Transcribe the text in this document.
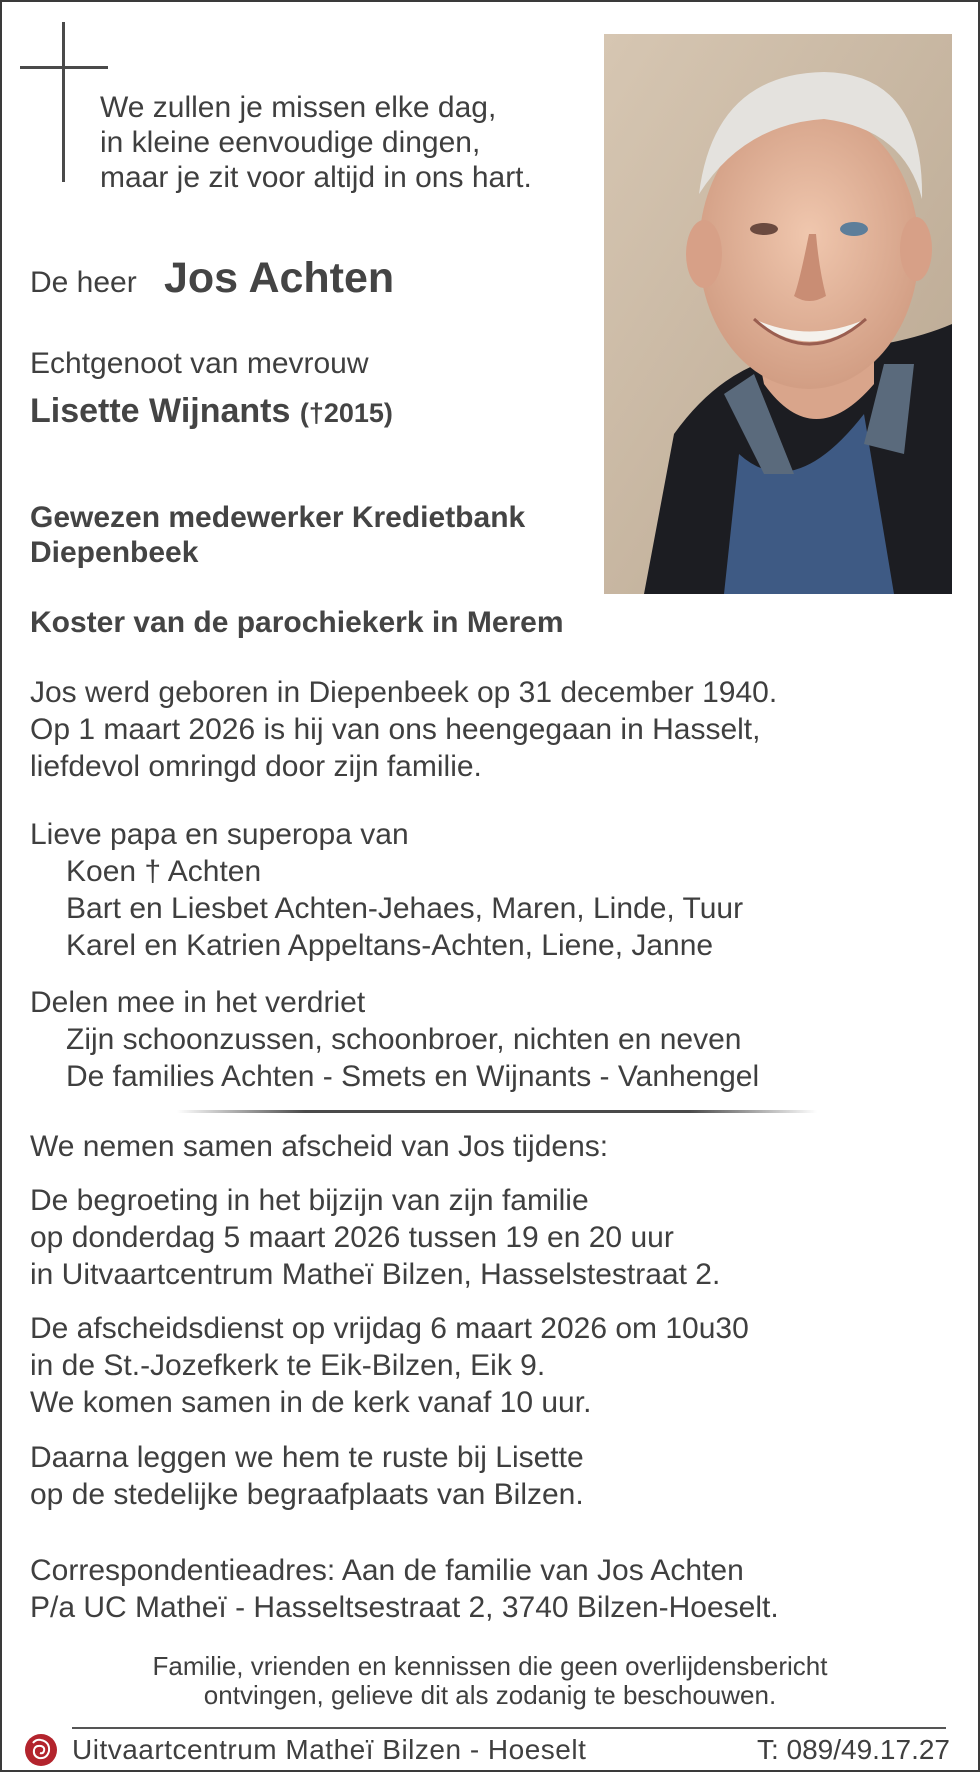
We zullen je missen elke dag,
in kleine eenvoudige dingen,
maar je zit voor altijd in ons hart.
De heer Jos Achten
Echtgenoot van mevrouw
Lisette Wijnants (†2015)
Gewezen medewerker Kredietbank
Diepenbeek
Koster van de parochiekerk in Merem
Jos werd geboren in Diepenbeek op 31 december 1940.
Op 1 maart 2026 is hij van ons heengegaan in Hasselt,
liefdevol omringd door zijn familie.
Lieve papa en superopa van
Koen † Achten
Bart en Liesbet Achten-Jehaes, Maren, Linde, Tuur
Karel en Katrien Appeltans-Achten, Liene, Janne
Delen mee in het verdriet
Zijn schoonzussen, schoonbroer, nichten en neven
De families Achten - Smets en Wijnants - Vanhengel
We nemen samen afscheid van Jos tijdens:
De begroeting in het bijzijn van zijn familie
op donderdag 5 maart 2026 tussen 19 en 20 uur
in Uitvaartcentrum Matheï Bilzen, Hasselstestraat 2.
De afscheidsdienst op vrijdag 6 maart 2026 om 10u30
in de St.-Jozefkerk te Eik-Bilzen, Eik 9.
We komen samen in de kerk vanaf 10 uur.
Daarna leggen we hem te ruste bij Lisette
op de stedelijke begraafplaats van Bilzen.
Correspondentieadres: Aan de familie van Jos Achten
P/a UC Matheï - Hasseltsestraat 2, 3740 Bilzen-Hoeselt.
Familie, vrienden en kennissen die geen overlijdensbericht
ontvingen, gelieve dit als zodanig te beschouwen.
Uitvaartcentrum Matheï Bilzen - Hoeselt	T: 089/49.17.27
